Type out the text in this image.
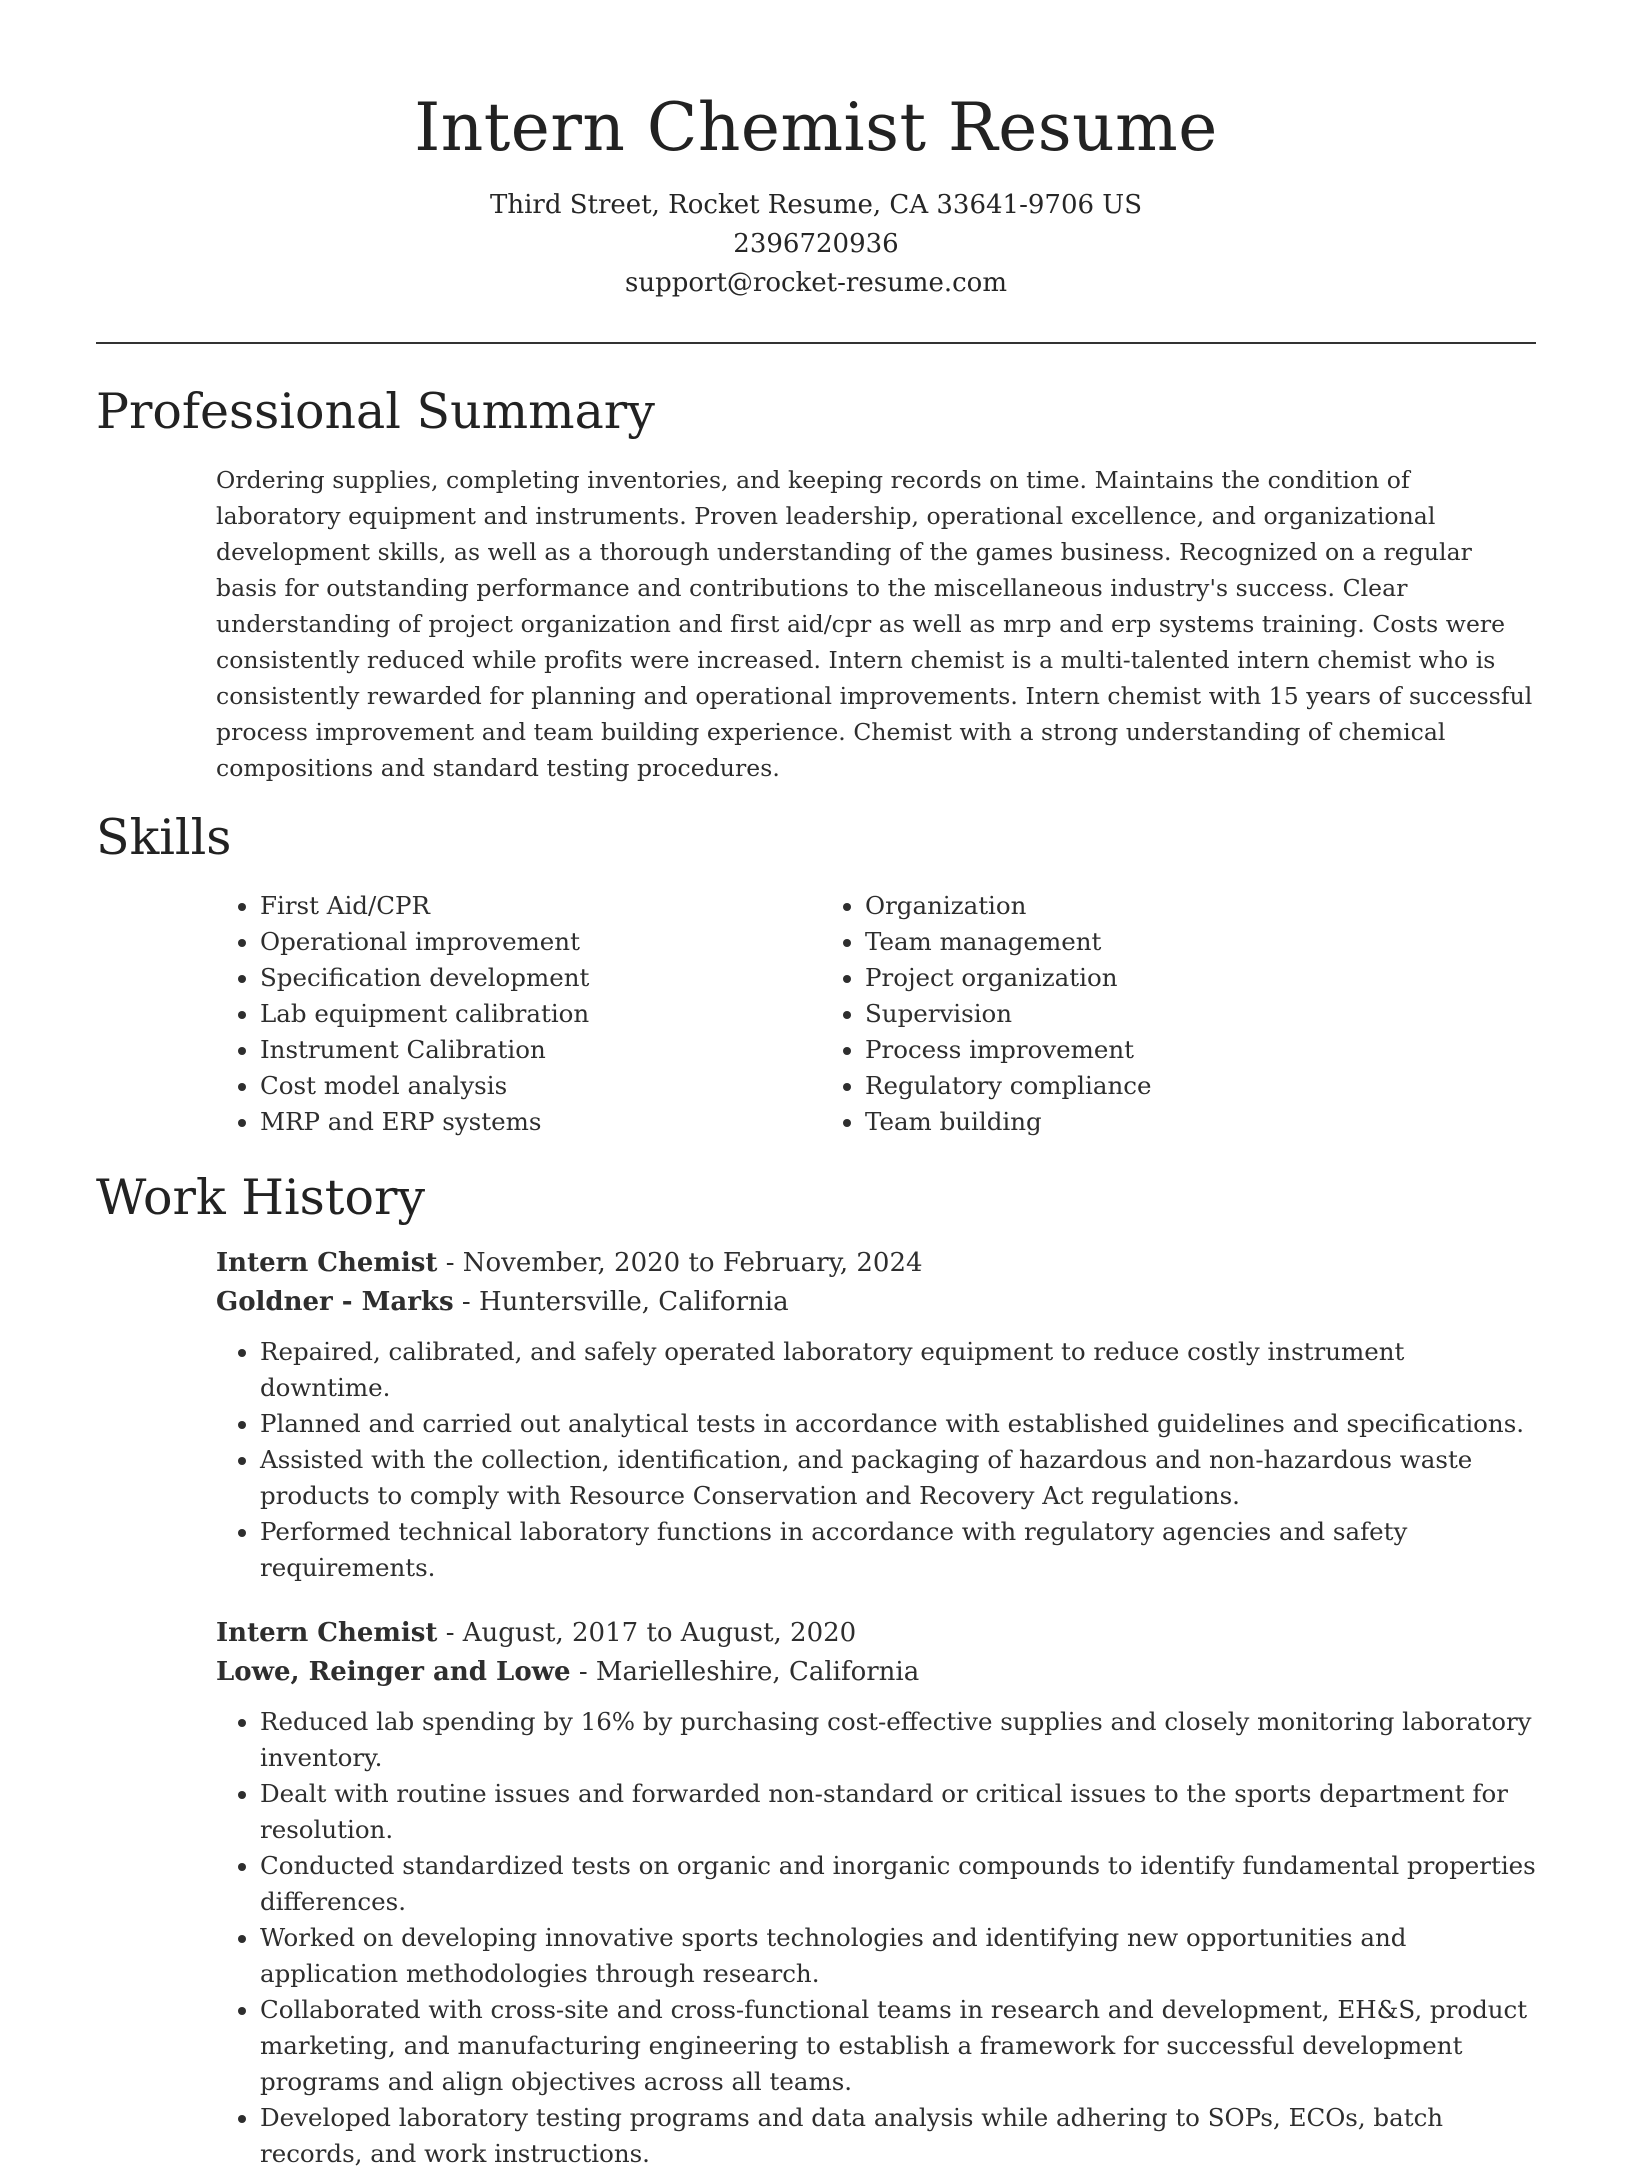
Intern Chemist Resume
Third Street, Rocket Resume, CA 33641-9706 US
2396720936
support@rocket-resume.com
Professional Summary

Ordering supplies, completing inventories, and keeping records on time. Maintains the condition of laboratory equipment and instruments. Proven leadership, operational excellence, and organizational development skills, as well as a thorough understanding of the games business. Recognized on a regular basis for outstanding performance and contributions to the miscellaneous industry's success. Clear understanding of project organization and first aid/cpr as well as mrp and erp systems training. Costs were consistently reduced while profits were increased. Intern chemist is a multi-talented intern chemist who is consistently rewarded for planning and operational improvements. Intern chemist with 15 years of successful process improvement and team building experience. Chemist with a strong understanding of chemical compositions and standard testing procedures.

Skills
• First Aid/CPR
• Operational improvement
• Specification development
• Lab equipment calibration
• Instrument Calibration
• Cost model analysis
• MRP and ERP systems
• Organization
• Team management
• Project organization
• Supervision
• Process improvement
• Regulatory compliance
• Team building
Work History
Intern Chemist - November, 2020 to February, 2024
Goldner - Marks - Huntersville, California
• Repaired, calibrated, and safely operated laboratory equipment to reduce costly instrument downtime.
• Planned and carried out analytical tests in accordance with established guidelines and specifications.
• Assisted with the collection, identification, and packaging of hazardous and non-hazardous waste products to comply with Resource Conservation and Recovery Act regulations.
• Performed technical laboratory functions in accordance with regulatory agencies and safety requirements.
Intern Chemist - August, 2017 to August, 2020
Lowe, Reinger and Lowe - Marielleshire, California
• Reduced lab spending by 16% by purchasing cost-effective supplies and closely monitoring laboratory inventory.
• Dealt with routine issues and forwarded non-standard or critical issues to the sports department for resolution.
• Conducted standardized tests on organic and inorganic compounds to identify fundamental properties differences.
• Worked on developing innovative sports technologies and identifying new opportunities and application methodologies through research.
• Collaborated with cross-site and cross-functional teams in research and development, EH&S, product marketing, and manufacturing engineering to establish a framework for successful development programs and align objectives across all teams.
• Developed laboratory testing programs and data analysis while adhering to SOPs, ECOs, batch records, and work instructions.
